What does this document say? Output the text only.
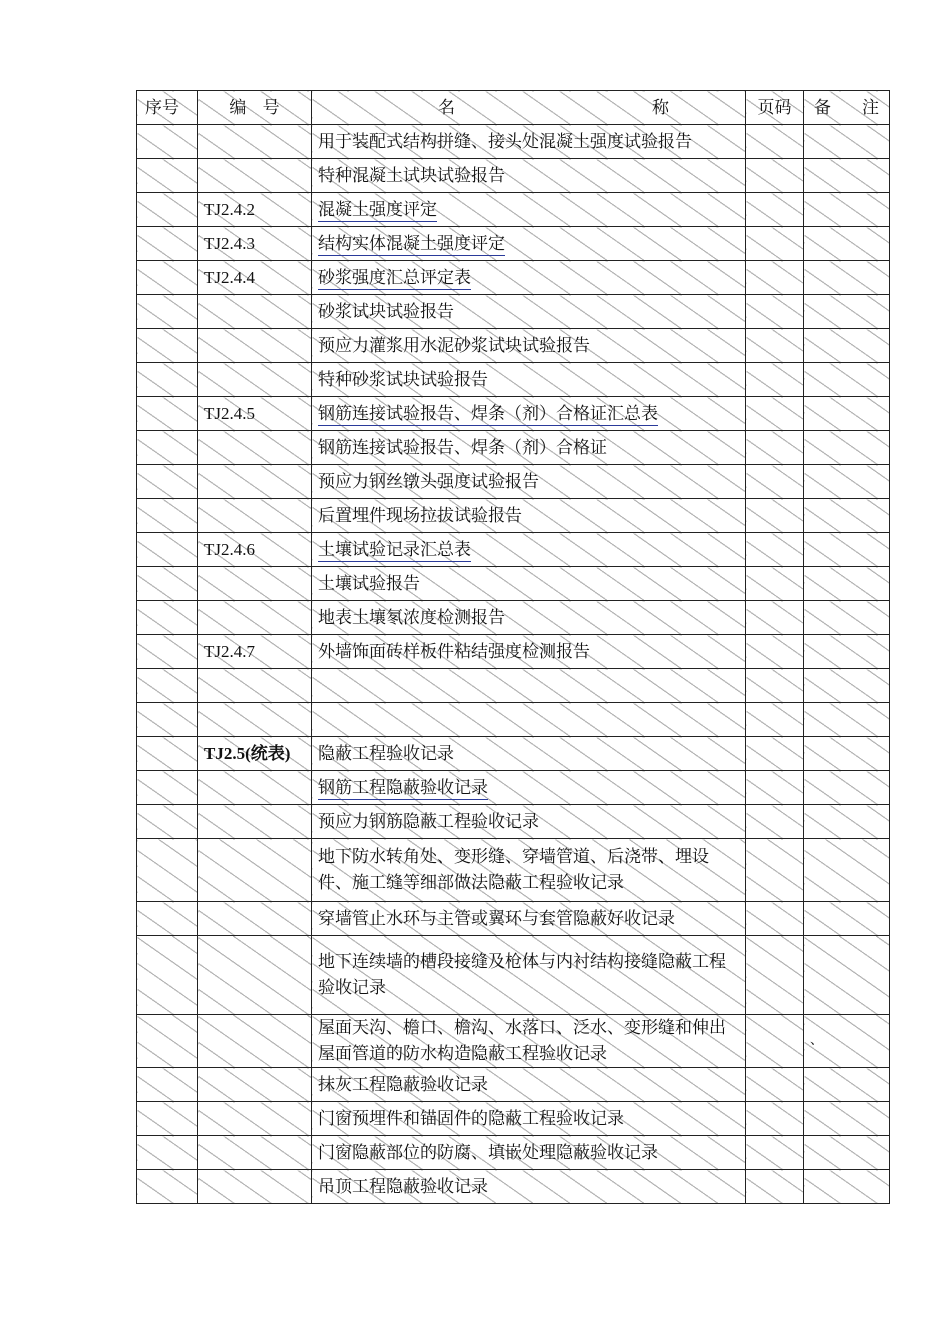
序号	编 号	名 称	页码	备 注

		用于装配式结构拼缝、接头处混凝土强度试验报告		
		特种混凝土试块试验报告		
	TJ2.4.2	混凝土强度评定		
	TJ2.4.3	结构实体混凝土强度评定		
	TJ2.4.4	砂浆强度汇总评定表		
		砂浆试块试验报告		
		预应力灌浆用水泥砂浆试块试验报告		
		特种砂浆试块试验报告		
	TJ2.4.5	钢筋连接试验报告、焊条（剂）合格证汇总表		
		钢筋连接试验报告、焊条（剂）合格证		
		预应力钢丝镦头强度试验报告		
		后置埋件现场拉拔试验报告		
	TJ2.4.6	土壤试验记录汇总表		
		土壤试验报告		
		地表土壤氡浓度检测报告		
	TJ2.4.7	外墙饰面砖样板件粘结强度检测报告		

	TJ2.5(统表)	隐蔽工程验收记录		
		钢筋工程隐蔽验收记录		
		预应力钢筋隐蔽工程验收记录		
		地下防水转角处、变形缝、穿墙管道、后浇带、埋设件、施工缝等细部做法隐蔽工程验收记录		
		穿墙管止水环与主管或翼环与套管隐蔽好收记录		
		地下连续墙的槽段接缝及枪体与内衬结构接缝隐蔽工程验收记录		
		屋面天沟、檐口、檐沟、水落口、泛水、变形缝和伸出屋面管道的防水构造隐蔽工程验收记录		、
		抹灰工程隐蔽验收记录		
		门窗预埋件和锚固件的隐蔽工程验收记录		
		门窗隐蔽部位的防腐、填嵌处理隐蔽验收记录		
		吊顶工程隐蔽验收记录		
